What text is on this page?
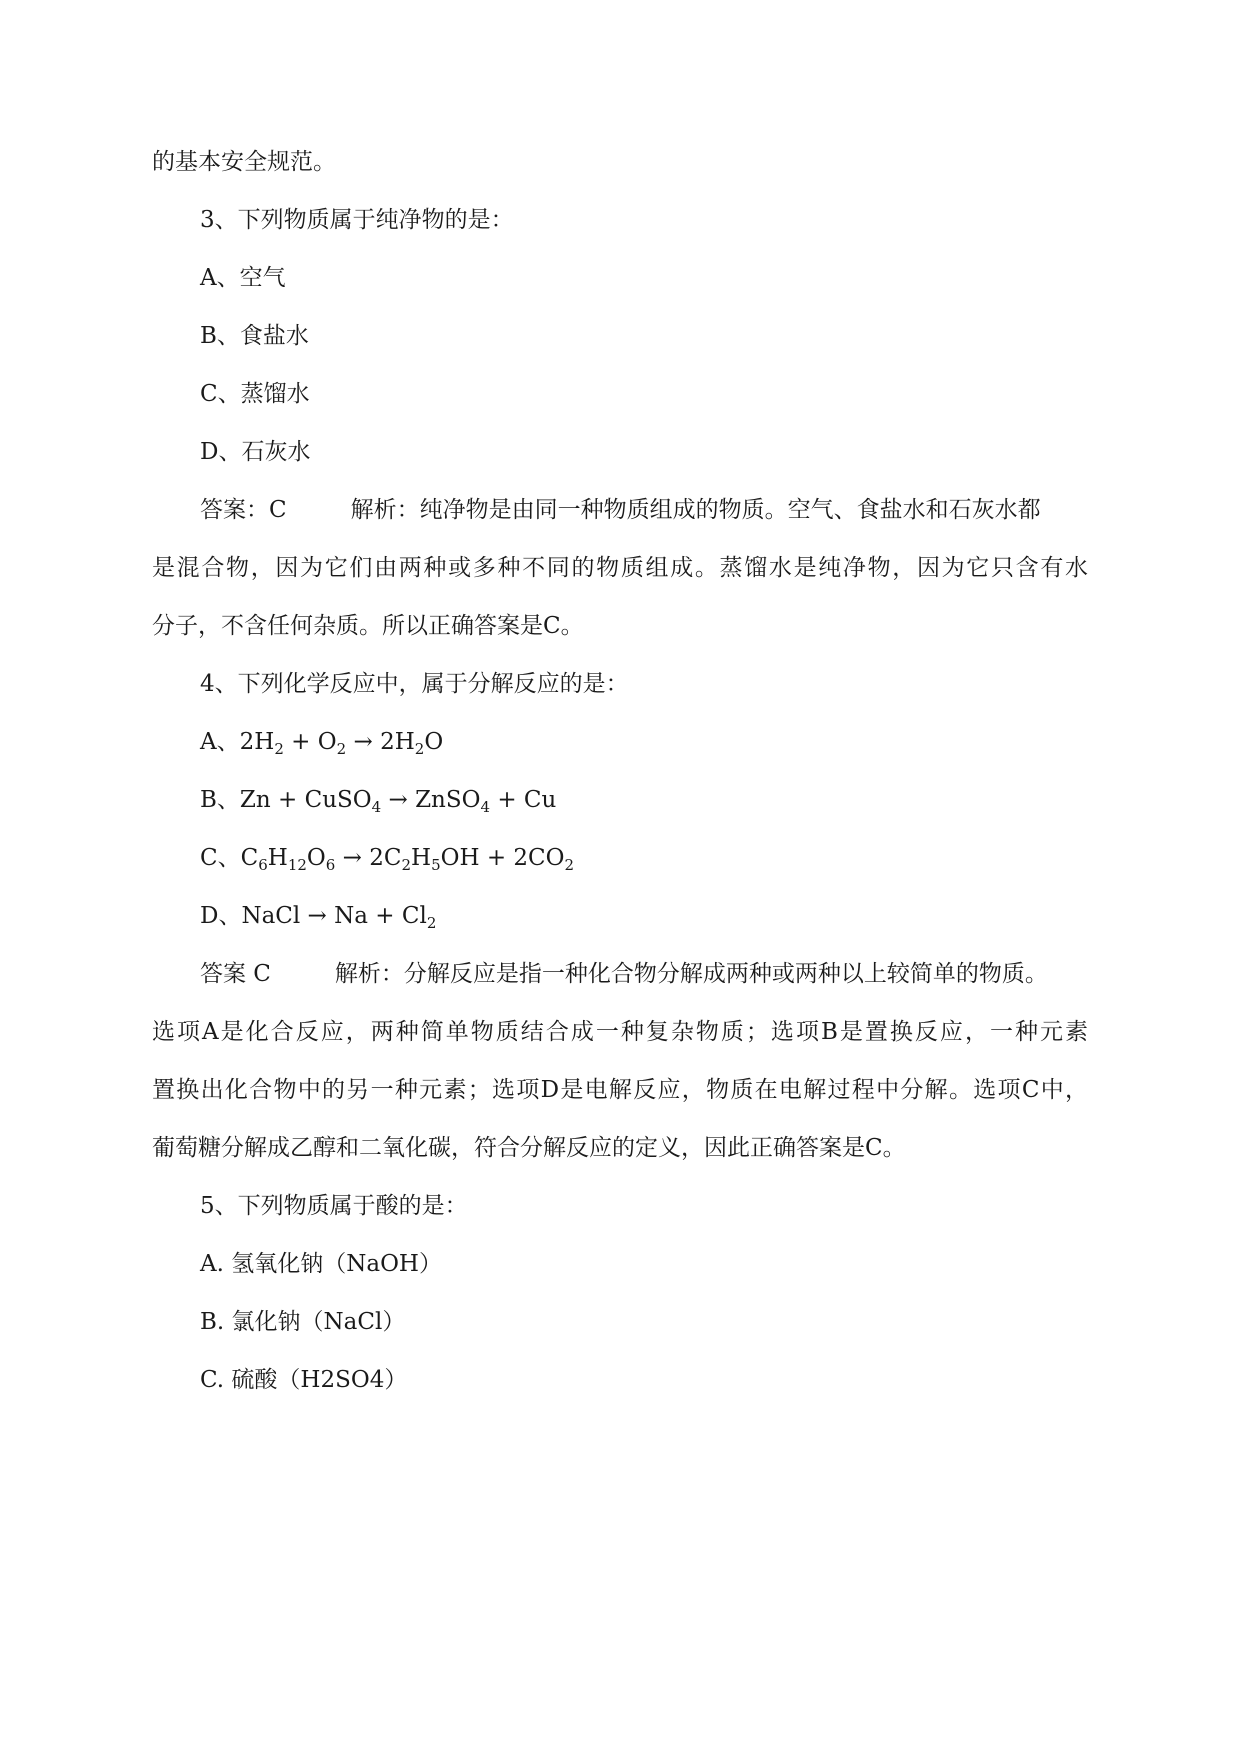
的基本安全规范。
3、下列物质属于纯净物的是：
A、空气
B、食盐水
C、蒸馏水
D、石灰水
答案：C	解析：纯净物是由同一种物质组成的物质。空气、食盐水和石灰水都
是混合物，因为它们由两种或多种不同的物质组成。蒸馏水是纯净物，因为它只含有水
分子，不含任何杂质。所以正确答案是C。
4、下列化学反应中，属于分解反应的是：
A、$2H_2 + O_2 \to 2H_2O$
B、Zn + CuSO$_4$ → ZnSO$_4$ + Cu
C、$C_6H_{12}O_6 \to 2C_2H_5OH + 2CO_2$
D、NaCl → $Na + Cl_2$
答案 C	解析：分解反应是指一种化合物分解成两种或两种以上较简单的物质。
选项A是化合反应，两种简单物质结合成一种复杂物质；选项B是置换反应，一种元素
置换出化合物中的另一种元素；选项D是电解反应，物质在电解过程中分解。选项C中，
葡萄糖分解成乙醇和二氧化碳，符合分解反应的定义，因此正确答案是C。
5、下列物质属于酸的是：
A. 氢氧化钠（NaOH）
B. 氯化钠（NaCl）
C. 硫酸（H2SO4）
